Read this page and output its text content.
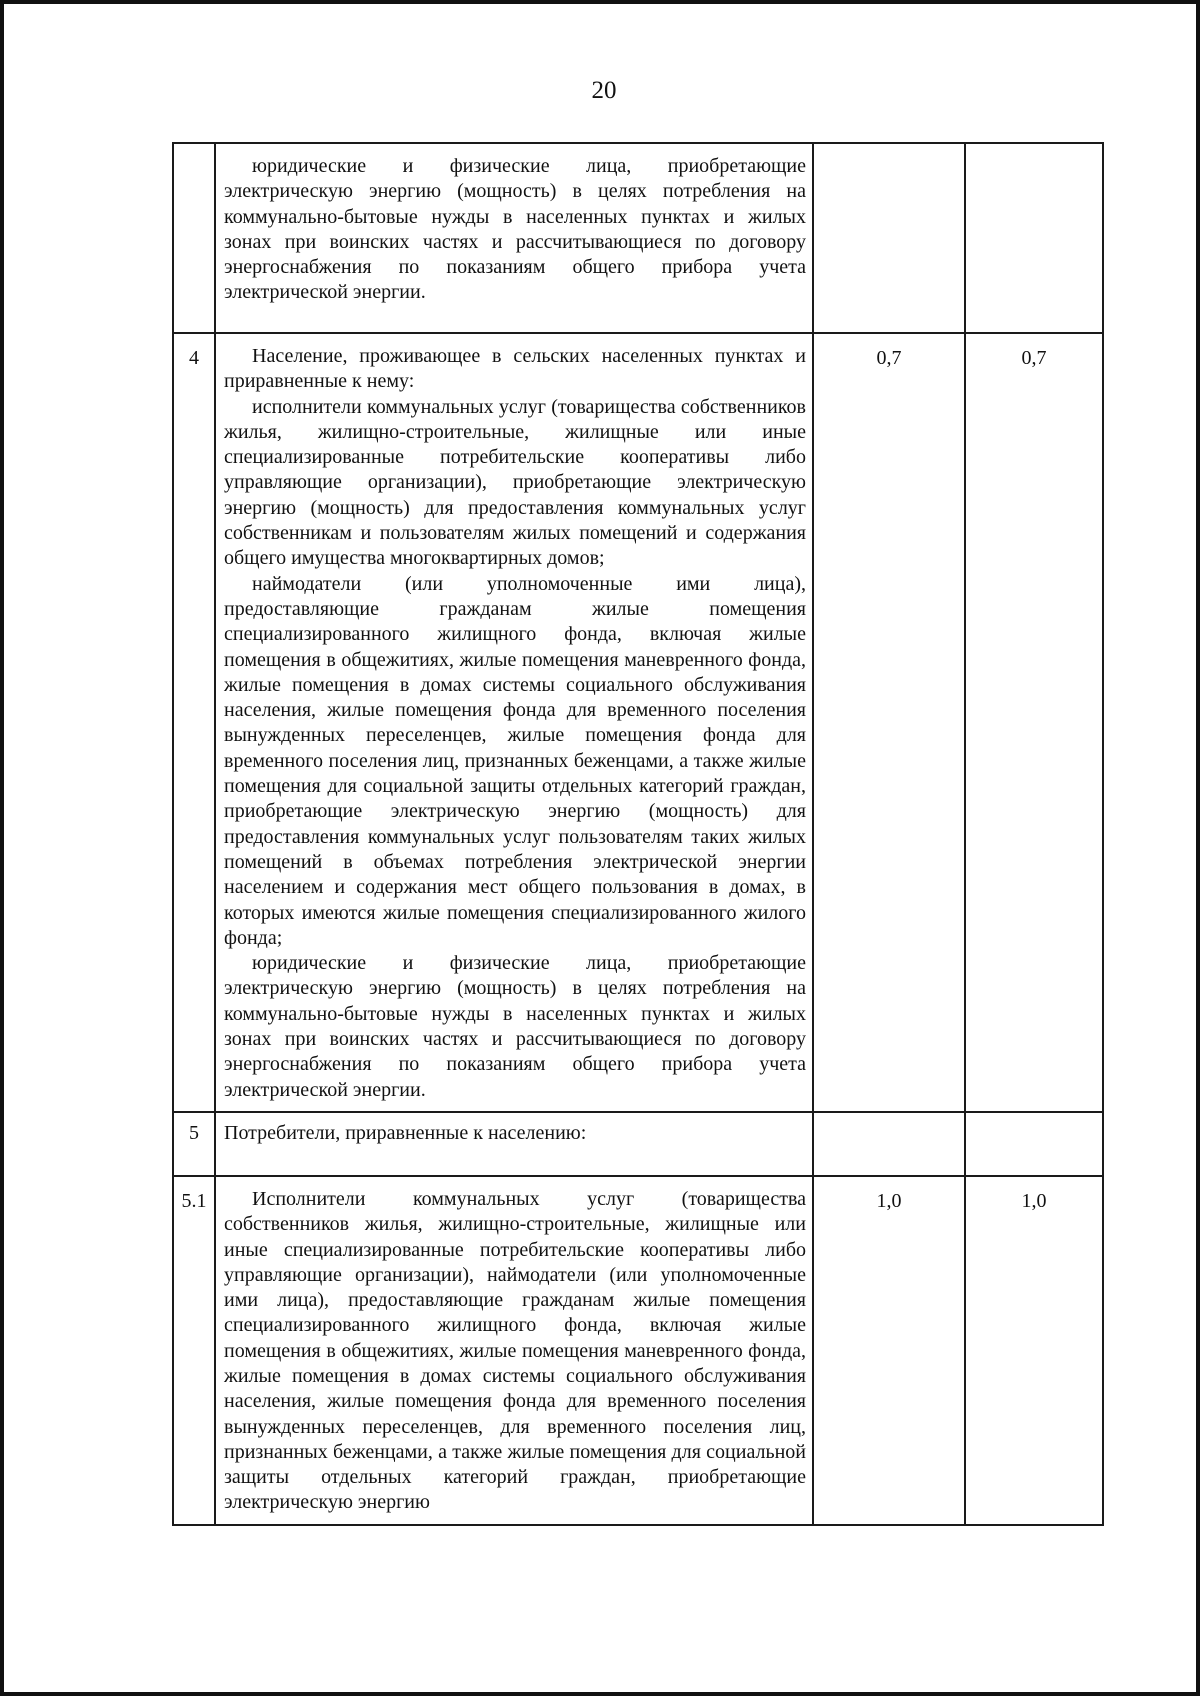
20

	юридические и физические лица, приобретающие электрическую энергию (мощность) в целях потребления на коммунально-бытовые нужды в населенных пунктах и жилых зонах при воинских частях и рассчитывающиеся по договору энергоснабжения по показаниям общего прибора учета электрической энергии.		

4	Население, проживающее в сельских населенных пунктах и приравненные к нему:

исполнители коммунальных услуг (товарищества собственников жилья, жилищно-строительные, жилищные или иные специализированные потребительские кооперативы либо управляющие организации), приобретающие электрическую энергию (мощность) для предоставления коммунальных услуг собственникам и пользователям жилых помещений и содержания общего имущества многоквартирных домов;

наймодатели (или уполномоченные ими лица), предоставляющие гражданам жилые помещения специализированного жилищного фонда, включая жилые помещения в общежитиях, жилые помещения маневренного фонда, жилые помещения в домах системы социального обслуживания населения, жилые помещения фонда для временного поселения вынужденных переселенцев, жилые помещения фонда для временного поселения лиц, признанных беженцами, а также жилые помещения для социальной защиты отдельных категорий граждан, приобретающие электрическую энергию (мощность) для предоставления коммунальных услуг пользователям таких жилых помещений в объемах потребления электрической энергии населением и содержания мест общего пользования в домах, в которых имеются жилые помещения специализированного жилого фонда;

юридические и физические лица, приобретающие электрическую энергию (мощность) в целях потребления на коммунально-бытовые нужды в населенных пунктах и жилых зонах при воинских частях и рассчитывающиеся по договору энергоснабжения по показаниям общего прибора учета электрической энергии.	0,7	0,7
5	Потребители, приравненные к населению:		

5.1	Исполнители коммунальных услуг (товарищества собственников жилья, жилищно-строительные, жилищные или иные специализированные потребительские кооперативы либо управляющие организации), наймодатели (или уполномоченные ими лица), предоставляющие гражданам жилые помещения специализированного жилищного фонда, включая жилые помещения в общежитиях, жилые помещения маневренного фонда, жилые помещения в домах системы социального обслуживания населения, жилые помещения фонда для временного поселения вынужденных переселенцев, для временного поселения лиц, признанных беженцами, а также жилые помещения для социальной защиты отдельных категорий граждан, приобретающие электрическую энергию	1,0	1,0
